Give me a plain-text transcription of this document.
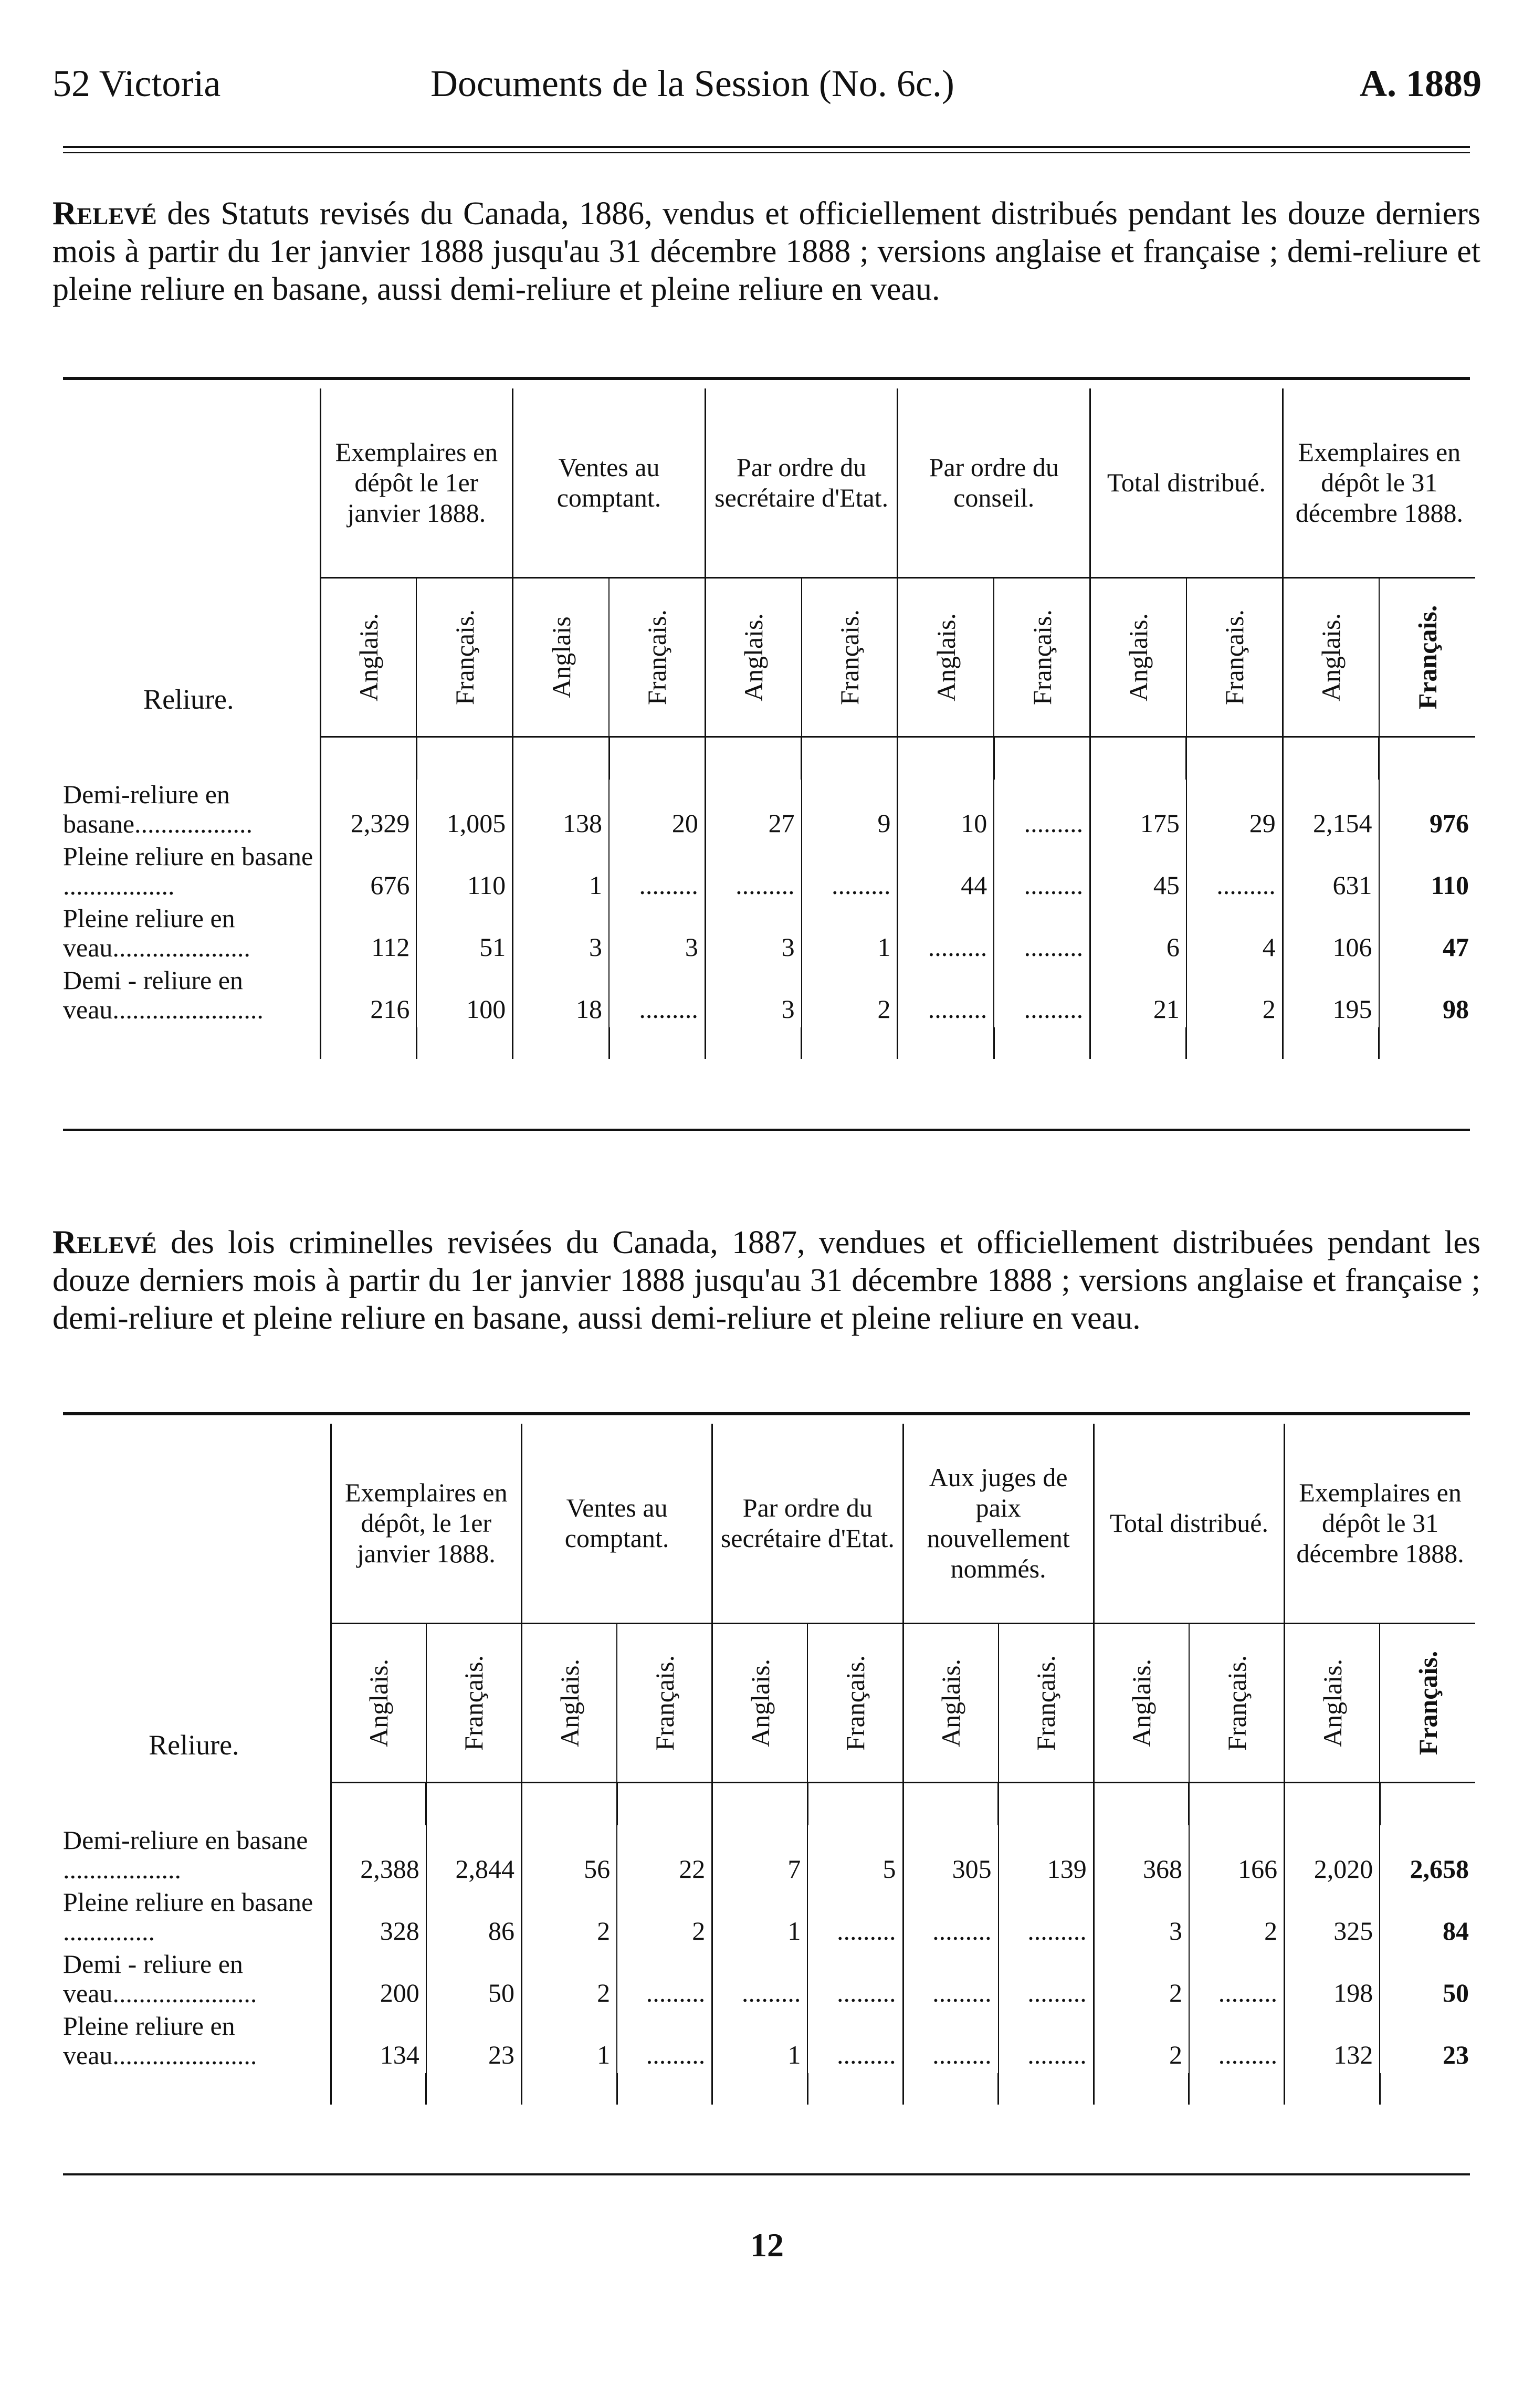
52 Victoria	Documents de la Session (No. 6c.)	A. 1889
Relevé des Statuts revisés du Canada, 1886, vendus et officiellement distribués pendant les douze derniers mois à partir du 1er janvier 1888 jusqu'au 31 décembre 1888 ; versions anglaise et française ; demi-reliure et pleine reliure en basane, aussi demi-reliure et pleine reliure en veau.
Reliure.	Exemplaires en dépôt le 1er janvier 1888.		Ventes au comptant.		Par ordre du secrétaire d'Etat.		Par ordre du conseil.		Total distribué.		Exemplaires en dépôt le 31 décembre 1888.	

	Anglais.	Français.	Anglais	Français.	Anglais.	Français.	Anglais.	Français.	Anglais.	Français.	Anglais.	Français.

Demi-reliure en basane..................	2,329	1,005	138	20	27	9	10	.........	175	29	2,154	976
Pleine reliure en basane .................	676	110	1	.........	.........	.........	44	.........	45	.........	631	110
Pleine reliure en veau.....................	112	51	3	3	3	1	.........	.........	6	4	106	47
Demi - reliure en veau.......................	216	100	18	.........	3	2	.........	.........	21	2	195	98

Relevé des lois criminelles revisées du Canada, 1887, vendues et officiellement distribuées pendant les douze derniers mois à partir du 1er janvier 1888 jusqu'au 31 décembre 1888 ; versions anglaise et française ; demi-reliure et pleine reliure en basane, aussi demi-reliure et pleine reliure en veau.
Reliure.	Exemplaires en dépôt, le 1er janvier 1888.		Ventes au comptant.		Par ordre du secrétaire d'Etat.		Aux juges de paix nouvellement nommés.		Total distribué.		Exemplaires en dépôt le 31 décembre 1888.	

	Anglais.	Français.	Anglais.	Français.	Anglais.	Français.	Anglais.	Français.	Anglais.	Français.	Anglais.	Français.

Demi-reliure en basane ..................	2,388	2,844	56	22	7	5	305	139	368	166	2,020	2,658
Pleine reliure en basane ..............	328	86	2	2	1	.........	.........	.........	3	2	325	84
Demi - reliure en veau......................	200	50	2	.........	.........	.........	.........	.........	2	.........	198	50
Pleine reliure en veau......................	134	23	1	.........	1	.........	.........	.........	2	.........	132	23

12
